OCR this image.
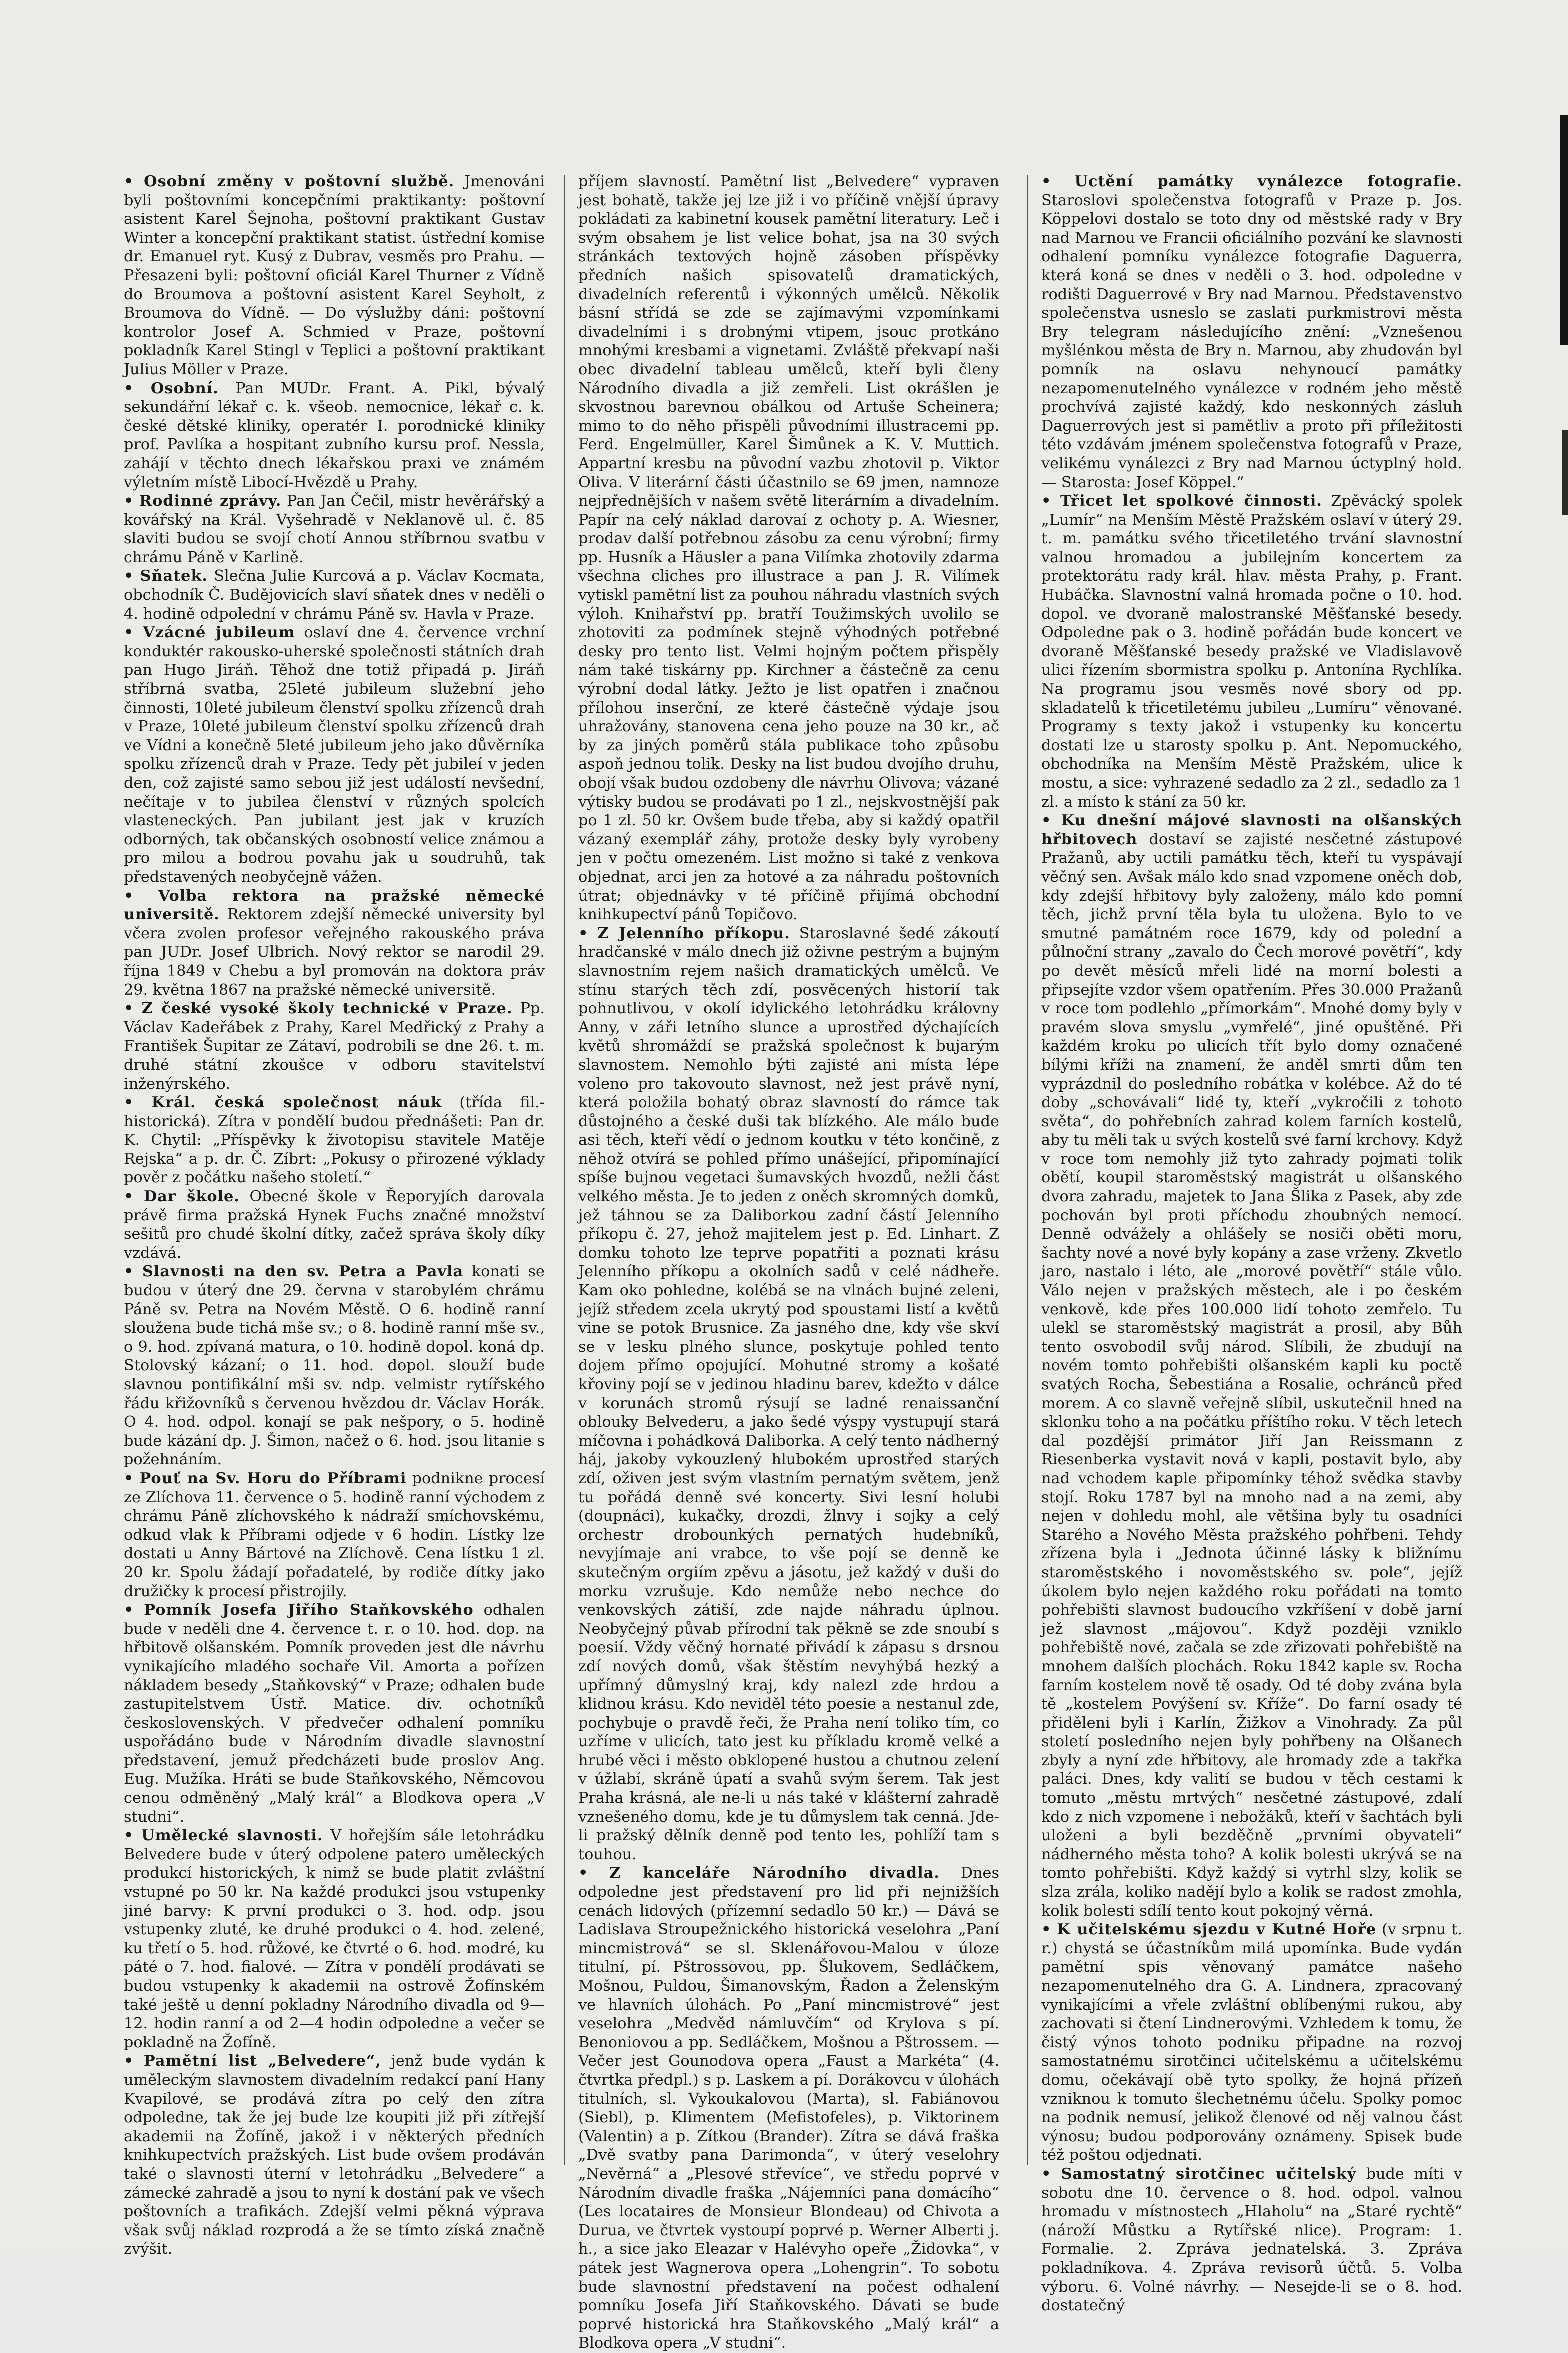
• Osobní změny v poštovní službě. Jmenováni byli poštovními koncepčními praktikanty: poštovní asistent Karel Šejnoha, poštovní praktikant Gustav Winter a koncepční praktikant statist. ústřední komise dr. Emanuel ryt. Kusý z Dubrav, vesměs pro Prahu. — Přesazeni byli: poštovní oficiál Karel Thurner z Vídně do Broumova a poštovní asistent Karel Seyholt, z Broumova do Vídně. — Do výslužby dáni: poštovní kontrolor Josef A. Schmied v Praze, poštovní pokladník Karel Stingl v Teplici a poštovní praktikant Julius Möller v Praze.

• Osobní. Pan MUDr. Frant. A. Pikl, bývalý sekundářní lékař c. k. všeob. nemocnice, lékař c. k. české dětské kliniky, operatér I. porodnické kliniky prof. Pavlíka a hospitant zubního kursu prof. Nessla, zahájí v těchto dnech lékařskou praxi ve známém výletním místě Libocí-Hvězdě u Prahy.

• Rodinné zprávy. Pan Jan Čečil, mistr hevěrářský a kovářský na Král. Vyšehradě v Neklanově ul. č. 85 slaviti budou se svojí chotí Annou stříbrnou svatbu v chrámu Páně v Karlině.

• Sňatek. Slečna Julie Kurcová a p. Václav Kocmata, obchodník Č. Budějovicích slaví sňatek dnes v neděli o 4. hodině odpolední v chrámu Páně sv. Havla v Praze.

• Vzácné jubileum oslaví dne 4. července vrchní konduktér rakousko-uherské společnosti státních drah pan Hugo Jiráň. Těhož dne totiž připadá p. Jiráň stříbrná svatba, 25leté jubileum služební jeho činnosti, 10leté jubileum členství spolku zřízenců drah v Praze, 10leté jubileum členství spolku zřízenců drah ve Vídni a konečně 5leté jubileum jeho jako důvěrníka spolku zřízenců drah v Praze. Tedy pět jubileí v jeden den, což zajisté samo sebou již jest událostí nevšední, nečítaje v to jubilea členství v různých spolcích vlasteneckých. Pan jubilant jest jak v kruzích odborných, tak občanských osobností velice známou a pro milou a bodrou povahu jak u soudruhů, tak představených neobyčejně vážen.

• Volba rektora na pražské německé universitě. Rektorem zdejší německé university byl včera zvolen profesor veřejného rakouského práva pan JUDr. Josef Ulbrich. Nový rektor se narodil 29. října 1849 v Chebu a byl promován na doktora práv 29. května 1867 na pražské německé universitě.

• Z české vysoké školy technické v Praze. Pp. Václav Kadeřábek z Prahy, Karel Medřický z Prahy a František Šupitar ze Zátaví, podrobili se dne 26. t. m. druhé státní zkoušce v odboru stavitelství inženýrského.

• Král. česká společnost náuk (třída fil.-historická). Zítra v pondělí budou přednášeti: Pan dr. K. Chytil: „Příspěvky k životopisu stavitele Matěje Rejska“ a p. dr. Č. Zíbrt: „Pokusy o přirozené výklady pověr z počátku našeho století.“

• Dar škole. Obecné škole v Řeporyjích darovala právě firma pražská Hynek Fuchs značné množství sešitů pro chudé školní dítky, začež správa školy díky vzdává.

• Slavnosti na den sv. Petra a Pavla konati se budou v úterý dne 29. června v starobylém chrámu Páně sv. Petra na Novém Městě. O 6. hodině ranní sloužena bude tichá mše sv.; o 8. hodině ranní mše sv., o 9. hod. zpívaná matura, o 10. hodině dopol. koná dp. Stolovský kázaní; o 11. hod. dopol. slouží bude slavnou pontifikální mši sv. ndp. velmistr rytířského řádu křižovníků s červenou hvězdou dr. Václav Horák. O 4. hod. odpol. konají se pak nešpory, o 5. hodině bude kázání dp. J. Šimon, načež o 6. hod. jsou litanie s požehnáním.

• Pouť na Sv. Horu do Příbrami podnikne procesí ze Zlíchova 11. července o 5. hodině ranní východem z chrámu Páně zlíchovského k nádraží smíchovskému, odkud vlak k Příbrami odjede v 6 hodin. Lístky lze dostati u Anny Bártové na Zlíchově. Cena lístku 1 zl. 20 kr. Spolu žádají pořadatelé, by rodiče dítky jako družičky k procesí přistrojily.

• Pomník Josefa Jiřího Staňkovského odhalen bude v neděli dne 4. července t. r. o 10. hod. dop. na hřbitově olšanském. Pomník proveden jest dle návrhu vynikajícího mladého sochaře Vil. Amorta a pořízen nákladem besedy „Staňkovský“ v Praze; odhalen bude zastupitelstvem Ústř. Matice. div. ochotníků československých. V předvečer odhalení pomníku uspořádáno bude v Národním divadle slavnostní představení, jemuž předcházeti bude proslov Ang. Eug. Mužíka. Hráti se bude Staňkovského, Němcovou cenou odměněný „Malý král“ a Blodkova opera „V studni“.

• Umělecké slavnosti. V hořejším sále letohrádku Belvedere bude v úterý odpolene patero uměleckých produkcí historických, k nimž se bude platit zvláštní vstupné po 50 kr. Na každé produkci jsou vstupenky jiné barvy: K první produkci o 3. hod. odp. jsou vstupenky zluté, ke druhé produkci o 4. hod. zelené, ku třetí o 5. hod. růžové, ke čtvrté o 6. hod. modré, ku páté o 7. hod. fialové. — Zítra v pondělí prodávati se budou vstupenky k akademii na ostrově Žofínském také ještě u denní pokladny Národního divadla od 9—12. hodin ranní a od 2—4 hodin odpoledne a večer se pokladně na Žofíně.

• Pamětní list „Belvedere“, jenž bude vydán k uměleckým slavnostem divadelním redakcí paní Hany Kvapilové, se prodává zítra po celý den zítra odpoledne, tak že jej bude lze koupiti již při zítřejší akademii na Žofíně, jakož i v některých předních knihkupectvích pražských. List bude ovšem prodáván také o slavnosti úterní v letohrádku „Belvedere“ a zámecké zahradě a jsou to nyní k dostání pak ve všech poštovních a trafikách. Zdejší velmi pěkná výprava však svůj náklad rozprodá a že se tímto získá značně zvýšit.

příjem slavností. Pamětní list „Belvedere“ vypraven jest bohatě, takže jej lze již i vo příčině vnější úpravy pokládati za kabinetní kousek pamětní literatury. Leč i svým obsahem je list velice bohat, jsa na 30 svých stránkách textových hojně zásoben příspěvky předních našich spisovatelů dramatických, divadelních referentů i výkonných umělců. Několik básní střídá se zde se zajímavými vzpomínkami divadelními i s drobnými vtipem, jsouc protkáno mnohými kresbami a vignetami. Zvláště překvapí naši obec divadelní tableau umělců, kteří byli členy Národního divadla a již zemřeli. List okrášlen je skvostnou barevnou obálkou od Artuše Scheinera; mimo to do něho přispěli původními illustracemi pp. Ferd. Engelmüller, Karel Šimůnek a K. V. Muttich. Appartní kresbu na původní vazbu zhotovil p. Viktor Oliva. V literární části účastnilo se 69 jmen, namnoze nejpřednějších v našem světě literárním a divadelním. Papír na celý náklad darovaí z ochoty p. A. Wiesner, prodav další potřebnou zásobu za cenu výrobní; firmy pp. Husník a Häusler a pana Vilímka zhotovily zdarma všechna cliches pro illustrace a pan J. R. Vilímek vytiskl pamětní list za pouhou náhradu vlastních svých výloh. Knihařství pp. bratří Toužimských uvolilo se zhotoviti za podmínek stejně výhodných potřebné desky pro tento list. Velmi hojným počtem přispěly nám také tiskárny pp. Kirchner a částečně za cenu výrobní dodal látky. Ježto je list opatřen i značnou přílohou inserční, ze které částečně výdaje jsou uhražovány, stanovena cena jeho pouze na 30 kr., ač by za jiných poměrů stála publikace toho způsobu aspoň jednou tolik. Desky na list budou dvojího druhu, obojí však budou ozdobeny dle návrhu Olivova; vázané výtisky budou se prodávati po 1 zl., nejskvostnější pak po 1 zl. 50 kr. Ovšem bude třeba, aby si každý opatřil vázaný exemplář záhy, protože desky byly vyrobeny jen v počtu omezeném. List možno si také z venkova objednat, arci jen za hotové a za náhradu poštovních útrat; objednávky v té příčině přijímá obchodní knihkupectví pánů Topičovo.

• Z Jelenního příkopu. Staroslavné šedé zákoutí hradčanské v málo dnech již oživne pestrým a bujným slavnostním rejem našich dramatických umělců. Ve stínu starých těch zdí, posvěcených historií tak pohnutlivou, v okolí idylického letohrádku královny Anny, v záři letního slunce a uprostřed dýchajících květů shromáždí se pražská společnost k bujarým slavnostem. Nemohlo býti zajisté ani místa lépe voleno pro takovouto slavnost, než jest právě nyní, která položila bohatý obraz slavností do rámce tak důstojného a české duši tak blízkého. Ale málo bude asi těch, kteří vědí o jednom koutku v této končině, z něhož otvírá se pohled přímo unášející, připomínající spíše bujnou vegetaci šumavských hvozdů, nežli část velkého města. Je to jeden z oněch skromných domků, jež táhnou se za Daliborkou zadní částí Jelenního příkopu č. 27, jehož majitelem jest p. Ed. Linhart. Z domku tohoto lze teprve popatřiti a poznati krásu Jelenního příkopu a okolních sadů v celé nádheře. Kam oko pohledne, kolébá se na vlnách bujné zeleni, jejíž středem zcela ukrytý pod spoustami listí a květů vine se potok Brusnice. Za jasného dne, kdy vše skví se v lesku plného slunce, poskytuje pohled tento dojem přímo opojující. Mohutné stromy a košaté křoviny pojí se v jedinou hladinu barev, kdežto v dálce v korunách stromů rýsují se ladné renaissanční oblouky Belvederu, a jako šedé výspy vystupují stará míčovna i pohádková Daliborka. A celý tento nádherný háj, jakoby vykouzlený hlubokém uprostřed starých zdí, oživen jest svým vlastním pernatým světem, jenž tu pořádá denně své koncerty. Sivi lesní holubi (doupnáci), kukačky, drozdi, žlnvy i sojky a celý orchestr drobounkých pernatých hudebníků, nevyjímaje ani vrabce, to vše pojí se denně ke skutečným orgiím zpěvu a jásotu, jež každý v duši do morku vzrušuje. Kdo nemůže nebo nechce do venkovských zátiší, zde najde náhradu úplnou. Neobyčejný půvab přírodní tak pěkně se zde snoubí s poesií. Vždy věčný hornaté přivádí k zápasu s drsnou zdí nových domů, však štěstím nevyhýbá hezký a upřímný důmyslný kraj, kdy nalezl zde hrdou a klidnou krásu. Kdo neviděl této poesie a nestanul zde, pochybuje o pravdě řeči, že Praha není toliko tím, co uzříme v ulicích, tato jest ku příkladu kromě velké a hrubé věci i město obklopené hustou a chutnou zelení v úžlabí, skráně úpatí a svahů svým šerem. Tak jest Praha krásná, ale ne-li u nás také v klášterní zahradě vznešeného domu, kde je tu důmyslem tak cenná. Jde-li pražský dělník denně pod tento les, pohlíží tam s touhou.

• Z kanceláře Národního divadla. Dnes odpoledne jest představení pro lid při nejnižších cenách lidových (přízemní sedadlo 50 kr.) — Dává se Ladislava Stroupežnického historická veselohra „Paní mincmistrová“ se sl. Sklenářovou-Malou v úloze titulní, pí. Pštrossovou, pp. Šlukovem, Sedláčkem, Mošnou, Puldou, Šimanovským, Řadon a Želenským ve hlavních úlohách. Po „Paní mincmistrové“ jest veselohra „Medvěd námluvčím“ od Krylova s pí. Benoniovou a pp. Sedláčkem, Mošnou a Pštrossem. — Večer jest Gounodova opera „Faust a Markéta“ (4. čtvrtka předpl.) s p. Laskem a pí. Dorákovcu v úlohách titulních, sl. Vykoukalovou (Marta), sl. Fabiánovou (Siebl), p. Klimentem (Mefistofeles), p. Viktorinem (Valentin) a p. Zítkou (Brander). Zítra se dává fraška „Dvě svatby pana Darimonda“, v úterý veselohry „Nevěrná“ a „Plesové střevíce“, ve středu poprvé v Národním divadle fraška „Nájemníci pana domácího“ (Les locataires de Monsieur Blondeau) od Chivota a Durua, ve čtvrtek vystoupí poprvé p. Werner Alberti j. h., a sice jako Eleazar v Halévyho opeře „Židovka“, v pátek jest Wagnerova opera „Lohengrin“. To sobotu bude slavnostní představení na počest odhalení pomníku Josefa Jiří Staňkovského. Dávati se bude poprvé historická hra Staňkovského „Malý král“ a Blodkova opera „V studni“.

• Uctění památky vynálezce fotografie. Staroslovi společenstva fotografů v Praze p. Jos. Köppelovi dostalo se toto dny od městské rady v Bry nad Marnou ve Francii oficiálního pozvání ke slavnosti odhalení pomníku vynálezce fotografie Daguerra, která koná se dnes v neděli o 3. hod. odpoledne v rodišti Daguerrové v Bry nad Marnou. Představenstvo společenstva usneslo se zaslati purkmistrovi města Bry telegram následujícího znění: „Vznešenou myšlénkou města de Bry n. Marnou, aby zhudován byl pomník na oslavu nehynoucí památky nezapomenutelného vynálezce v rodném jeho městě prochvívá zajisté každý, kdo neskonných zásluh Daguerrových jest si pamětliv a proto při příležitosti této vzdávám jménem společenstva fotografů v Praze, velikému vynálezci z Bry nad Marnou úctyplný hold. — Starosta: Josef Köppel.“

• Třicet let spolkové činnosti. Zpěvácký spolek „Lumír“ na Menším Městě Pražském oslaví v úterý 29. t. m. památku svého třicetiletého trvání slavnostní valnou hromadou a jubilejním koncertem za protektorátu rady král. hlav. města Prahy, p. Frant. Hubáčka. Slavnostní valná hromada počne o 10. hod. dopol. ve dvoraně malostranské Měšťanské besedy. Odpoledne pak o 3. hodině pořádán bude koncert ve dvoraně Měšťanské besedy pražské ve Vladislavově ulici řízením sbormistra spolku p. Antonína Rychlíka. Na programu jsou vesměs nové sbory od pp. skladatelů k třicetiletému jubileu „Lumíru“ věnované. Programy s texty jakož i vstupenky ku koncertu dostati lze u starosty spolku p. Ant. Nepomuckého, obchodníka na Menším Městě Pražském, ulice k mostu, a sice: vyhrazené sedadlo za 2 zl., sedadlo za 1 zl. a místo k stání za 50 kr.

• Ku dnešní májové slavnosti na olšanských hřbitovech dostaví se zajisté nesčetné zástupové Pražanů, aby uctili památku těch, kteří tu vyspávají věčný sen. Avšak málo kdo snad vzpomene oněch dob, kdy zdejší hřbitovy byly založeny, málo kdo pomní těch, jichž první těla byla tu uložena. Bylo to ve smutné památném roce 1679, kdy od polední a půlnoční strany „zavalo do Čech morové povětří“, kdy po devět měsíců mřeli lidé na morní bolesti a připsejíte vzdor všem opatřením. Přes 30.000 Pražanů v roce tom podlehlo „přímorkám“. Mnohé domy byly v pravém slova smyslu „vymřelé“, jiné opuštěné. Při každém kroku po ulicích třít bylo domy označené bílými kříži na znamení, že anděl smrti dům ten vyprázdnil do posledního robátka v kolébce. Až do té doby „schovávali“ lidé ty, kteří „vykročili z tohoto světa“, do pohřebních zahrad kolem farních kostelů, aby tu měli tak u svých kostelů své farní krchovy. Když v roce tom nemohly již tyto zahrady pojmati tolik obětí, koupil staroměstský magistrát u olšanského dvora zahradu, majetek to Jana Šlika z Pasek, aby zde pochován byl proti příchodu zhoubných nemocí. Denně odvážely a ohlášely se nosiči oběti moru, šachty nové a nové byly kopány a zase vrženy. Zkvetlo jaro, nastalo i léto, ale „morové povětří“ stále vůlo. Válo nejen v pražských městech, ale i po českém venkově, kde přes 100.000 lidí tohoto zemřelo. Tu ulekl se staroměstský magistrát a prosil, aby Bůh tento osvobodil svůj národ. Slíbili, že zbudují na novém tomto pohřebišti olšanském kapli ku poctě svatých Rocha, Šebestiána a Rosalie, ochránců před morem. A co slavně veřejně slíbil, uskutečnil hned na sklonku toho a na počátku příštího roku. V těch letech dal pozdější primátor Jiří Jan Reissmann z Riesenberka vystavit nová v kapli, postavit bylo, aby nad vchodem kaple připomínky téhož svědka stavby stojí. Roku 1787 byl na mnoho nad a na zemi, aby nejen v dohledu mohl, ale většina byly tu osadníci Starého a Nového Města pražského pohřbeni. Tehdy zřízena byla i „Jednota účinné lásky k bližnímu staroměstského i novoměstského sv. pole“, jejíž úkolem bylo nejen každého roku pořádati na tomto pohřebišti slavnost budoucího vzkříšení v době jarní jež slavnost „májovou“. Když později vzniklo pohřebiště nové, začala se zde zřizovati pohřebiště na mnohem dalších plochách. Roku 1842 kaple sv. Rocha farním kostelem nově tě osady. Od té doby zvána byla tě „kostelem Povýšení sv. Kříže“. Do farní osady té přiděleni byli i Karlín, Žižkov a Vinohrady. Za půl století posledního nejen byly pohřbeny na Olšanech zbyly a nyní zde hřbitovy, ale hromady zde a takřka paláci. Dnes, kdy valití se budou v těch cestami k tomuto „městu mrtvých“ nesčetné zástupové, zdalí kdo z nich vzpomene i nebožáků, kteří v šachtách byli uloženi a byli bezděčně „prvními obyvateli“ nádherného města toho? A kolik bolesti ukrývá se na tomto pohřebišti. Když každý si vytrhl slzy, kolik se slza zrála, koliko nadějí bylo a kolik se radost zmohla, kolik bolesti sdílí tento kout pokojný věrná.

• K učitelskému sjezdu v Kutné Hoře (v srpnu t. r.) chystá se účastníkům milá upomínka. Bude vydán pamětní spis věnovaný památce našeho nezapomenutelného dra G. A. Lindnera, zpracovaný vynikajícími a vřele zvláštní oblíbenými rukou, aby zachovati si čtení Lindnerovými. Vzhledem k tomu, že čistý výnos tohoto podniku připadne na rozvoj samostatnému sirotčinci učitelskému a učitelskému domu, očekávají obě tyto spolky, že hojná přízeň vzniknou k tomuto šlechetnému účelu. Spolky pomoc na podnik nemusí, jelikož členové od něj valnou část výnosu; budou podporovány oznámeny. Spisek bude též poštou odjednati.

• Samostatný sirotčinec učitelský bude míti v sobotu dne 10. července o 8. hod. odpol. valnou hromadu v místnostech „Hlaholu“ na „Staré rychtě“ (nároží Můstku a Rytířské nlice). Program: 1. Formalie. 2. Zpráva jednatelská. 3. Zpráva pokladníkova. 4. Zpráva revisorů účtů. 5. Volba výboru. 6. Volné návrhy. — Nesejde-li se o 8. hod. dostatečný
